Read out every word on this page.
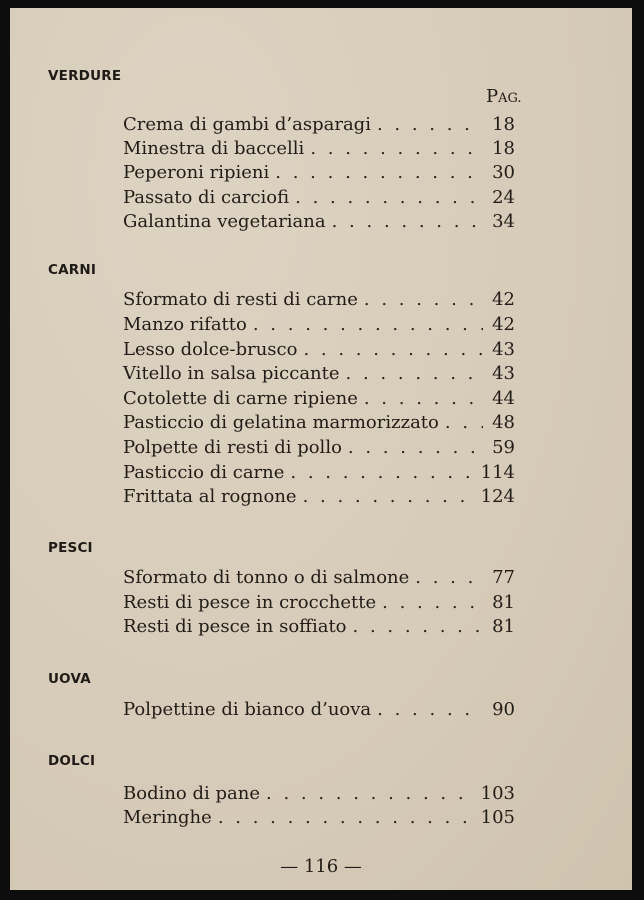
VERDURE
PAG.
Crema di gambi d’asparagi . . .	18
Minestra di baccelli . . .	18
Peperoni ripieni . . .	30
Passato di carciofi . . .	24
Galantina vegetariana . . .	34
CARNI
Sformato di resti di carne . . .	42
Manzo rifatto . . .	42
Lesso dolce-brusco . . .	43
Vitello in salsa piccante . . .	43
Cotolette di carne ripiene . . .	44
Pasticcio di gelatina marmorizzato . . .	48
Polpette di resti di pollo . . .	59
Pasticcio di carne . . .	114
Frittata al rognone . . .	124
PESCI
Sformato di tonno o di salmone . . .	77
Resti di pesce in crocchette . . .	81
Resti di pesce in soffiato . . .	81
UOVA
Polpettine di bianco d’uova . . .	90
DOLCI
Bodino di pane . . .	103
Meringhe . . .	105
— 116 —
